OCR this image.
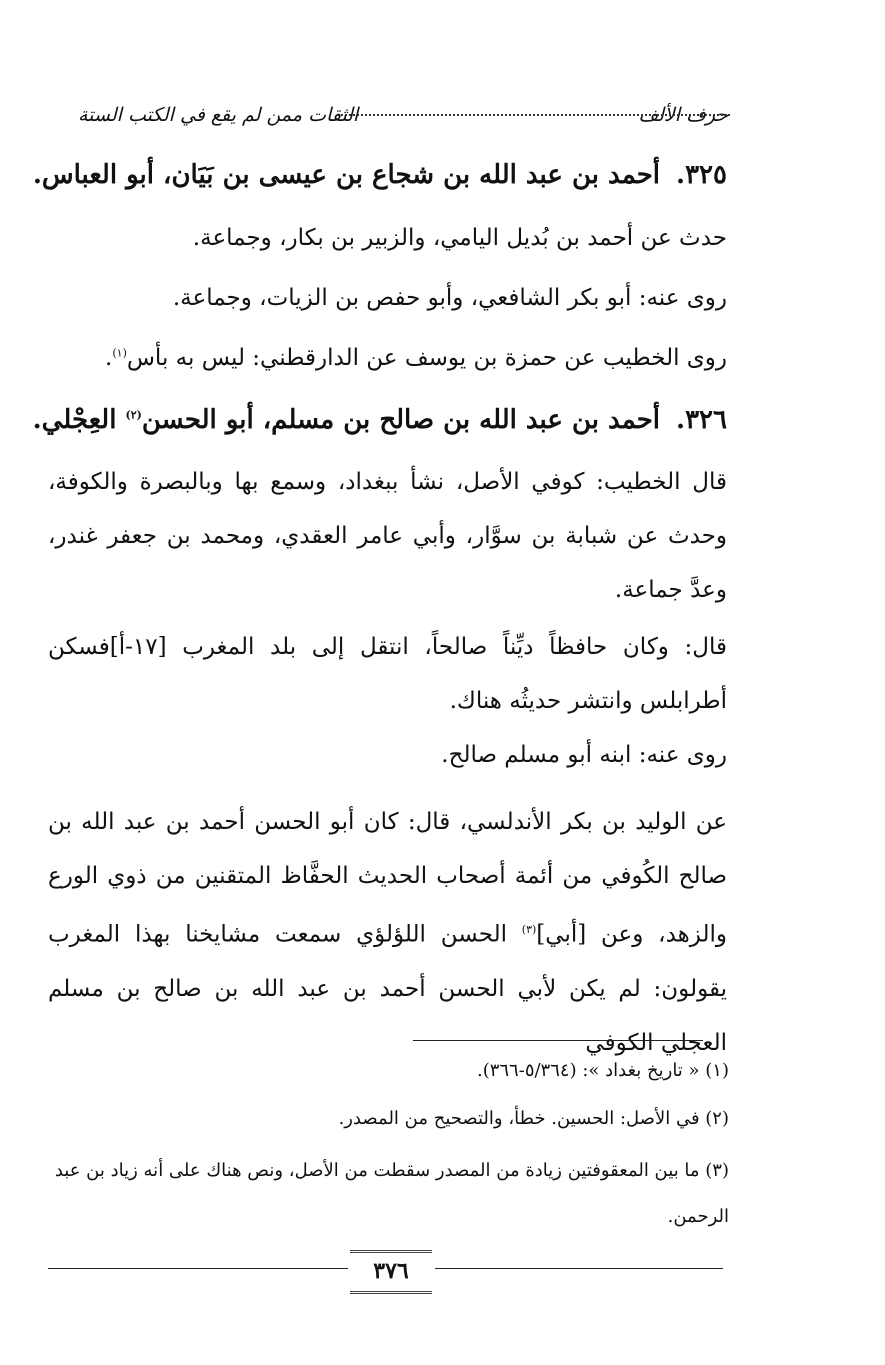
حرف الألف
الثقات ممن لم يقع في الكتب الستة
٣٢٥.أحمد بن عبد الله بن شجاع بن عيسى بن بَيَان، أبو العباس.
حدث عن أحمد بن بُديل اليامي، والزبير بن بكار، وجماعة.
روى عنه: أبو بكر الشافعي، وأبو حفص بن الزيات، وجماعة.
روى الخطيب عن حمزة بن يوسف عن الدارقطني: ليس به بأس$^{(١)}$.
٣٢٦.أحمد بن عبد الله بن صالح بن مسلم، أبو الحسن$^{(٢)}$ العِجْلي.
قال الخطيب: كوفي الأصل، نشأ ببغداد، وسمع بها وبالبصرة والكوفة، وحدث عن شبابة بن سوَّار، وأبي عامر العقدي، ومحمد بن جعفر غندر، وعدَّ جماعة.
قال: وكان حافظاً ديِّناً صالحاً، انتقل إلى بلد المغرب [١٧-أ]فسكن أطرابلس وانتشر حديثُه هناك.
روى عنه: ابنه أبو مسلم صالح.
عن الوليد بن بكر الأندلسي، قال: كان أبو الحسن أحمد بن عبد الله بن صالح الكُوفي من أئمة أصحاب الحديث الحفَّاظ المتقنين من ذوي الورع والزهد، وعن [أبي]$^{(٣)}$ الحسن اللؤلؤي سمعت مشايخنا بهذا المغرب يقولون: لم يكن لأبي الحسن أحمد بن عبد الله بن صالح بن مسلم العجلي الكوفي
(١) « تاريخ بغداد »: (٥/٣٦٤-٣٦٦).
(٢) في الأصل: الحسين. خطأ، والتصحيح من المصدر.
(٣) ما بين المعقوفتين زيادة من المصدر سقطت من الأصل، ونص هناك على أنه زياد بن عبد الرحمن.
٣٧٦
